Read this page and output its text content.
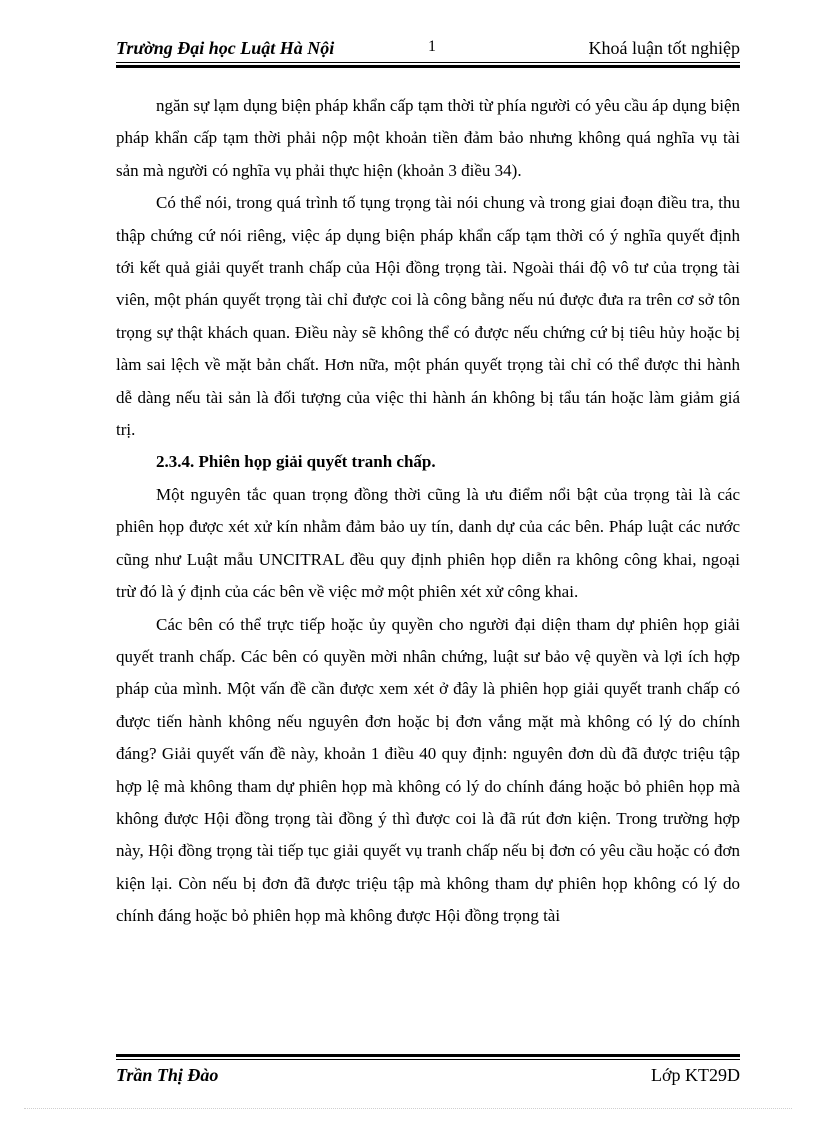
Trường Đại học Luật Hà Nội	1	Khoá luận tốt nghiệp

ngăn sự lạm dụng biện pháp khẩn cấp tạm thời từ phía người có yêu cầu áp dụng biện pháp khẩn cấp tạm thời phải nộp một khoản tiền đảm bảo nhưng không quá nghĩa vụ tài sản mà người có nghĩa vụ phải thực hiện (khoản 3 điều 34).

Có thể nói, trong quá trình tố tụng trọng tài nói chung và trong giai đoạn điều tra, thu thập chứng cứ nói riêng, việc áp dụng biện pháp khẩn cấp tạm thời có ý nghĩa quyết định tới kết quả giải quyết tranh chấp của Hội đồng trọng tài. Ngoài thái độ vô tư của trọng tài viên, một phán quyết trọng tài chỉ được coi là công bằng nếu nú được đưa ra trên cơ sở tôn trọng sự thật khách quan. Điều này sẽ không thể có được nếu chứng cứ bị tiêu hủy hoặc bị làm sai lệch về mặt bản chất. Hơn nữa, một phán quyết trọng tài chỉ có thể được thi hành dễ dàng nếu tài sản là đối tượng của việc thi hành án không bị tẩu tán hoặc làm giảm giá trị.

2.3.4. Phiên họp giải quyết tranh chấp.

Một nguyên tắc quan trọng đồng thời cũng là ưu điểm nổi bật của trọng tài là các phiên họp được xét xử kín nhằm đảm bảo uy tín, danh dự của các bên. Pháp luật các nước cũng như Luật mẫu UNCITRAL đều quy định phiên họp diễn ra không công khai, ngoại trừ đó là ý định của các bên về việc mở một phiên xét xử công khai.

Các bên có thể trực tiếp hoặc ủy quyền cho người đại diện tham dự phiên họp giải quyết tranh chấp. Các bên có quyền mời nhân chứng, luật sư bảo vệ quyền và lợi ích hợp pháp của mình. Một vấn đề cần được xem xét ở đây là phiên họp giải quyết tranh chấp có được tiến hành không nếu nguyên đơn hoặc bị đơn vắng mặt mà không có lý do chính đáng? Giải quyết vấn đề này, khoản 1 điều 40 quy định: nguyên đơn dù đã được triệu tập hợp lệ mà không tham dự phiên họp mà không có lý do chính đáng hoặc bỏ phiên họp mà không được Hội đồng trọng tài đồng ý thì được coi là đã rút đơn kiện. Trong trường hợp này, Hội đồng trọng tài tiếp tục giải quyết vụ tranh chấp nếu bị đơn có yêu cầu hoặc có đơn kiện lại. Còn nếu bị đơn đã được triệu tập mà không tham dự phiên họp không có lý do chính đáng hoặc bỏ phiên họp mà không được Hội đồng trọng tài

Trần Thị Đào	Lớp KT29D
